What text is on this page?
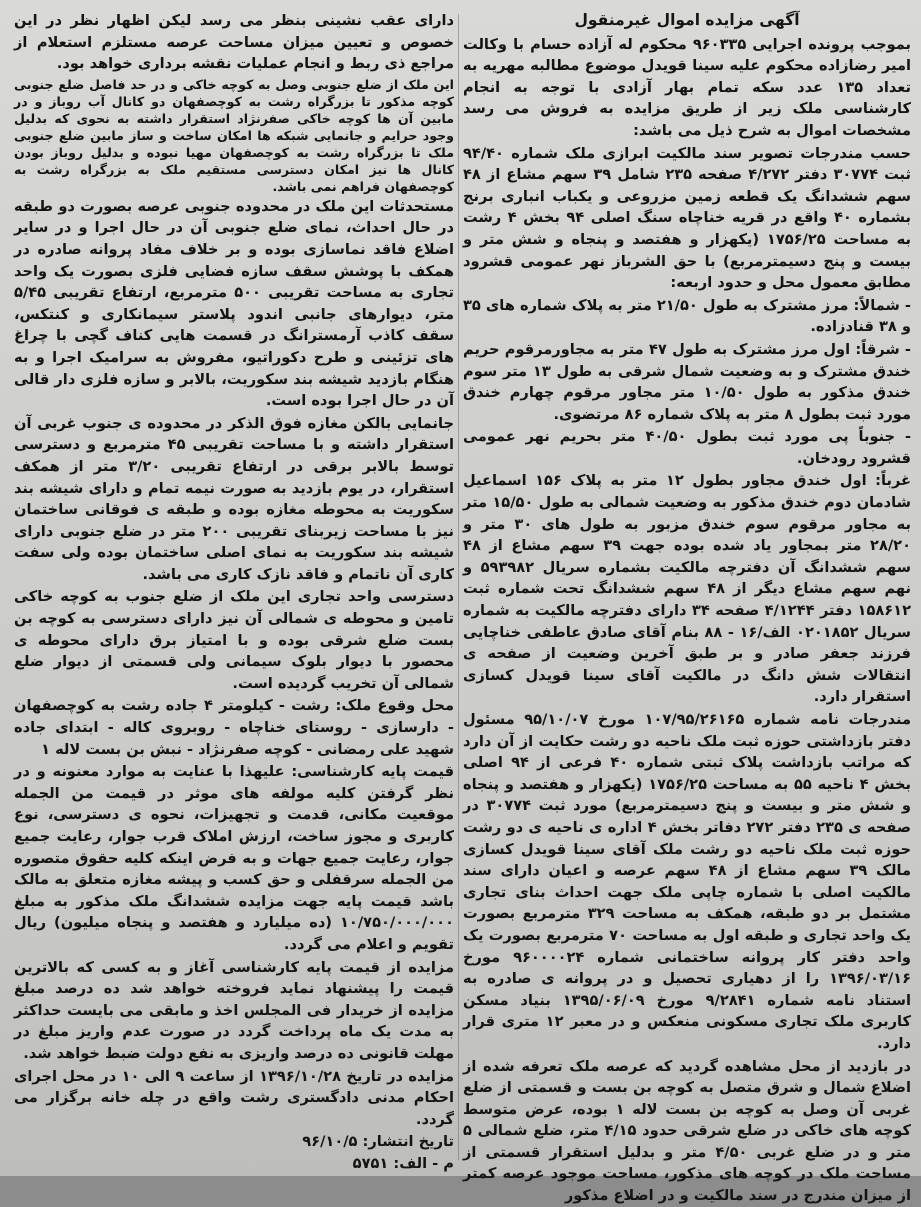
آگهی مزایده اموال غیرمنقول

بموجب پرونده اجرایی ۹۶۰۳۳۵ محکوم له آزاده حسام با وکالت امیر رضازاده محکوم علیه سینا قویدل موضوع مطالبه مهریه به تعداد ۱۳۵ عدد سکه تمام بهار آزادی با توجه به انجام کارشناسی ملک زیر از طریق مزایده به فروش می رسد مشخصات اموال به شرح ذیل می باشد:

حسب مندرجات تصویر سند مالکیت ابرازی ملک شماره ۹۴/۴۰ ثبت ۳۰۷۷۴ دفتر ۴/۲۷۲ صفحه ۲۳۵ شامل ۳۹ سهم مشاع از ۴۸ سهم ششدانگ یک قطعه زمین مزروعی و یکباب انباری برنج بشماره ۴۰ واقع در قریه خناچاه سنگ اصلی ۹۴ بخش ۴ رشت به مساحت ۱۷۵۶/۲۵ (یکهزار و هفتصد و پنجاه و شش متر و بیست و پنج دسیمترمربع) با حق الشرباز نهر عمومی قشرود مطابق معمول محل و حدود اربعه:

- شمالاً: مرز مشترک به طول ۲۱/۵۰ متر به پلاک شماره های ۳۵ و ۳۸ قنادزاده.

- شرقاً: اول مرز مشترک به طول ۴۷ متر به مجاورمرقوم حریم خندق مشترک و به وضعیت شمال شرقی به طول ۱۳ متر سوم خندق مذکور به طول ۱۰/۵۰ متر مجاور مرقوم چهارم خندق مورد ثبت بطول ۸ متر به پلاک شماره ۸۶ مرتضوی.

- جنوباً پی مورد ثبت بطول ۴۰/۵۰ متر بحریم نهر عمومی قشرود رودخان.

غرباً: اول خندق مجاور بطول ۱۲ متر به پلاک ۱۵۶ اسماعیل شادمان دوم خندق مذکور به وضعیت شمالی به طول ۱۵/۵۰ متر به مجاور مرقوم سوم خندق مزبور به طول های ۳۰ متر و ۲۸/۲۰ متر بمجاور یاد شده بوده جهت ۳۹ سهم مشاع از ۴۸ سهم ششدانگ آن دفترچه مالکیت بشماره سریال ۵۹۳۹۸۲ و نهم سهم مشاع دیگر از ۴۸ سهم ششدانگ تحت شماره ثبت ۱۵۸۶۱۲ دفتر ۴/۱۲۴۴ صفحه ۳۴ دارای دفترچه مالکیت به شماره سریال ۰۲۰۱۸۵۲ الف/۱۶ - ۸۸ بنام آقای صادق عاطفی خناچایی فرزند جعفر صادر و بر طبق آخرین وضعیت از صفحه ی انتقالات شش دانگ در مالکیت آقای سینا قویدل کسازی استقرار دارد.

مندرجات نامه شماره ۱۰۷/۹۵/۲۶۱۶۵ مورخ ۹۵/۱۰/۰۷ مسئول دفتر بازداشتی حوزه ثبت ملک ناحیه دو رشت حکایت از آن دارد که مراتب بازداشت پلاک ثبتی شماره ۴۰ فرعی از ۹۴ اصلی بخش ۴ ناحیه ۵۵ به مساحت ۱۷۵۶/۲۵ (یکهزار و هفتصد و پنجاه و شش متر و بیست و پنج دسیمترمربع) مورد ثبت ۳۰۷۷۴ در صفحه ی ۲۳۵ دفتر ۲۷۲ دفاتر بخش ۴ اداره ی ناحیه ی دو رشت حوزه ثبت ملک ناحیه دو رشت ملک آقای سینا قویدل کسازی مالک ۳۹ سهم مشاع از ۴۸ سهم عرصه و اعیان دارای سند مالکیت اصلی با شماره چاپی ملک جهت احداث بنای تجاری مشتمل بر دو طبقه، همکف به مساحت ۳۲۹ مترمربع بصورت یک واحد تجاری و طبقه اول به مساحت ۷۰ مترمربع بصورت یک واحد دفتر کار پروانه ساختمانی شماره ۹۶۰۰۰۰۲۴ مورخ ۱۳۹۶/۰۳/۱۶ را از دهیاری تحصیل و در پروانه ی صادره به استناد نامه شماره ۹/۲۸۴۱ مورخ ۱۳۹۵/۰۶/۰۹ بنیاد مسکن کاربری ملک تجاری مسکونی منعکس و در معبر ۱۲ متری قرار دارد.

در بازدید از محل مشاهده گردید که عرصه ملک تعرفه شده از اضلاع شمال و شرق متصل به کوچه بن بست و قسمتی از ضلع غربی آن وصل به کوچه بن بست لاله ۱ بوده، عرض متوسط کوچه های خاکی در ضلع شرقی حدود ۴/۱۵ متر، ضلع شمالی ۵ متر و در ضلع غربی ۴/۵۰ متر و بدلیل استقرار قسمتی از مساحت ملک در کوچه های مذکور، مساحت موجود عرصه کمتر از میزان مندرج در سند مالکیت و در اضلاع مذکور

دارای عقب نشینی بنظر می رسد لیکن اظهار نظر در این خصوص و تعیین میزان مساحت عرصه مستلزم استعلام از مراجع ذی ربط و انجام عملیات نقشه برداری خواهد بود.

این ملک از ضلع جنوبی وصل به کوچه خاکی و در حد فاصل ضلع جنوبی کوچه مذکور تا بزرگراه رشت به کوچصفهان دو کانال آب روباز و در مابین آن ها کوچه خاکی صفرنژاد استقرار داشته به نحوی که بدلیل وجود حرایم و جانمایی شبکه ها امکان ساخت و ساز مابین ضلع جنوبی ملک تا بزرگراه رشت به کوچصفهان مهیا نبوده و بدلیل روباز بودن کانال ها نیز امکان دسترسی مستقیم ملک به بزرگراه رشت به کوچصفهان فراهم نمی باشد.

مستحدثات این ملک در محدوده جنوبی عرصه بصورت دو طبقه در حال احداث، نمای ضلع جنوبی آن در حال اجرا و در سایر اضلاع فاقد نماسازی بوده و بر خلاف مفاد پروانه صادره در همکف با پوشش سقف سازه فضایی فلزی بصورت یک واحد تجاری به مساحت تقریبی ۵۰۰ مترمربع، ارتفاع تقریبی ۵/۴۵ متر، دیوارهای جانبی اندود پلاستر سیمانکاری و کنتکس، سقف کاذب آرمسترانگ در قسمت هایی کناف گچی با چراغ های تزئینی و طرح دکوراتیو، مفروش به سرامیک اجرا و به هنگام بازدید شیشه بند سکوریت، بالابر و سازه فلزی دار قالی آن در حال اجرا بوده است.

جانمایی بالکن مغازه فوق الذکر در محدوده ی جنوب غربی آن استقرار داشته و با مساحت تقریبی ۴۵ مترمربع و دسترسی توسط بالابر برقی در ارتفاع تقریبی ۳/۲۰ متر از همکف استقرار، در یوم بازدید به صورت نیمه تمام و دارای شیشه بند سکوریت به محوطه مغازه بوده و طبقه ی فوقانی ساختمان نیز با مساحت زیربنای تقریبی ۲۰۰ متر در ضلع جنوبی دارای شیشه بند سکوریت به نمای اصلی ساختمان بوده ولی سفت کاری آن ناتمام و فاقد نازک کاری می باشد.

دسترسی واحد تجاری این ملک از ضلع جنوب به کوچه خاکی تامین و محوطه ی شمالی آن نیز دارای دسترسی به کوچه بن بست ضلع شرقی بوده و با امتیاز برق دارای محوطه ی محصور با دیوار بلوک سیمانی ولی قسمتی از دیوار ضلع شمالی آن تخریب گردیده است.

محل وقوع ملک: رشت - کیلومتر ۴ جاده رشت به کوچصفهان - دارسازی - روستای خناچاه - روبروی کاله - ابتدای جاده شهید علی رمضانی - کوچه صفرنژاد - نبش بن بست لاله ۱

قیمت پایه کارشناسی: علیهذا با عنایت به موارد معنونه و در نظر گرفتن کلیه مولفه های موثر در قیمت من الجمله موقعیت مکانی، قدمت و تجهیزات، نحوه ی دسترسی، نوع کاربری و مجوز ساخت، ارزش املاک قرب جوار، رعایت جمیع جوار، رعایت جمیع جهات و به فرض اینکه کلیه حقوق متصوره من الجمله سرقفلی و حق کسب و پیشه مغازه متعلق به مالک باشد قیمت پایه جهت مزایده ششدانگ ملک مذکور به مبلغ ۱۰/۷۵۰/۰۰۰/۰۰۰ (ده میلیارد و هفتصد و پنجاه میلیون) ریال تقویم و اعلام می گردد.

مزایده از قیمت پایه کارشناسی آغاز و به کسی که بالاترین قیمت را پیشنهاد نماید فروخته خواهد شد ده درصد مبلغ مزایده از خریدار فی المجلس اخذ و مابقی می بایست حداکثر به مدت یک ماه پرداخت گردد در صورت عدم واریز مبلغ در مهلت قانونی ده درصد واریزی به نفع دولت ضبط خواهد شد.

مزایده در تاریخ ۱۳۹۶/۱۰/۲۸ از ساعت ۹ الی ۱۰ در محل اجرای احکام مدنی دادگستری رشت واقع در چله خانه برگزار می گردد.

تاریخ انتشار: ۹۶/۱۰/۵

م - الف: ۵۷۵۱
